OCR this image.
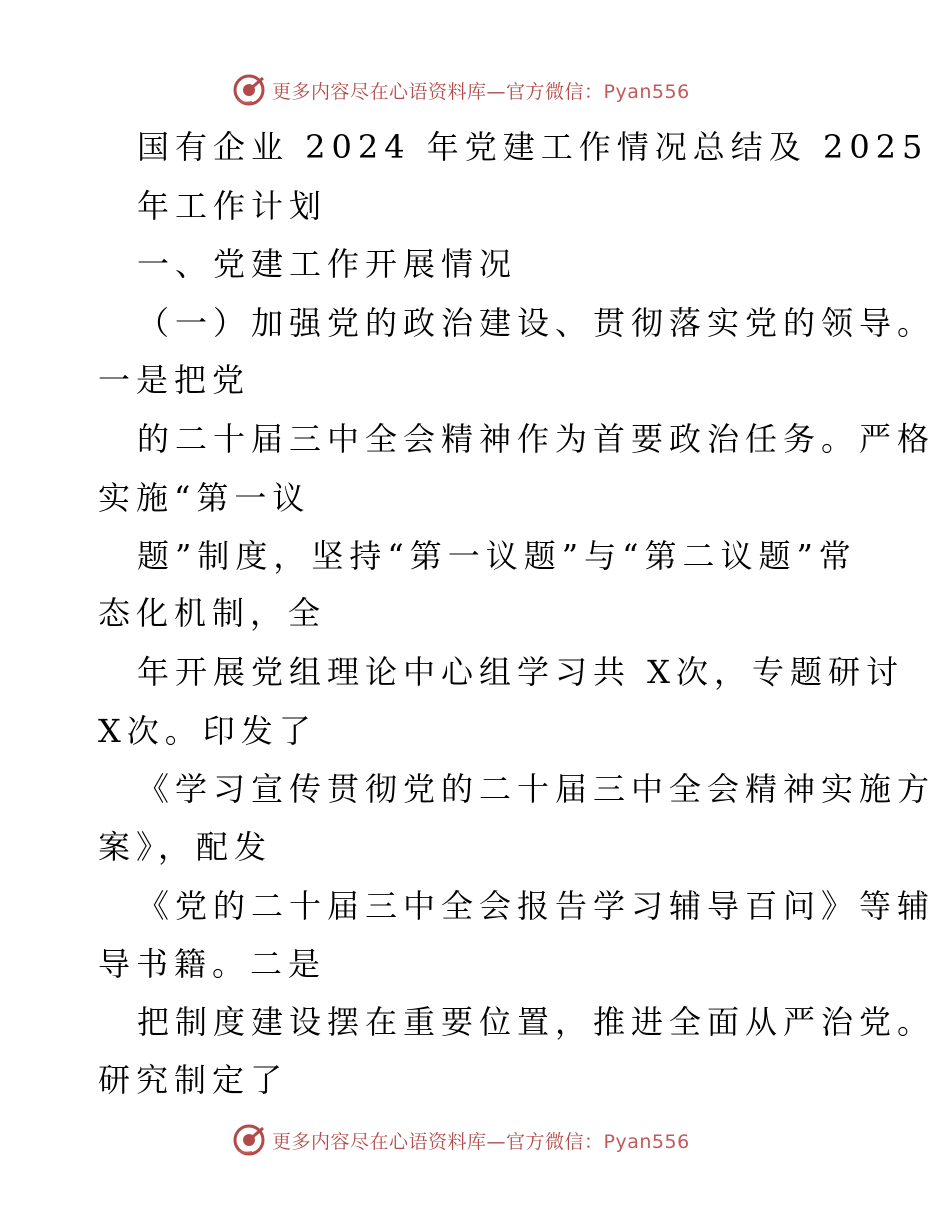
更多内容尽在心语资料库—官方微信：Pyan556
国有企业 2024 年党建工作情况总结及 2025
年工作计划
一、党建工作开展情况
（一）加强党的政治建设、贯彻落实党的领导。
一是把党
的二十届三中全会精神作为首要政治任务。严格
实施“第一议
题”制度，坚持“第一议题”与“第二议题”常
态化机制，全
年开展党组理论中心组学习共 X次，专题研讨
X次。印发了
《学习宣传贯彻党的二十届三中全会精神实施方
案》，配发
《党的二十届三中全会报告学习辅导百问》等辅
导书籍。二是
把制度建设摆在重要位置，推进全面从严治党。
研究制定了
更多内容尽在心语资料库—官方微信：Pyan556
